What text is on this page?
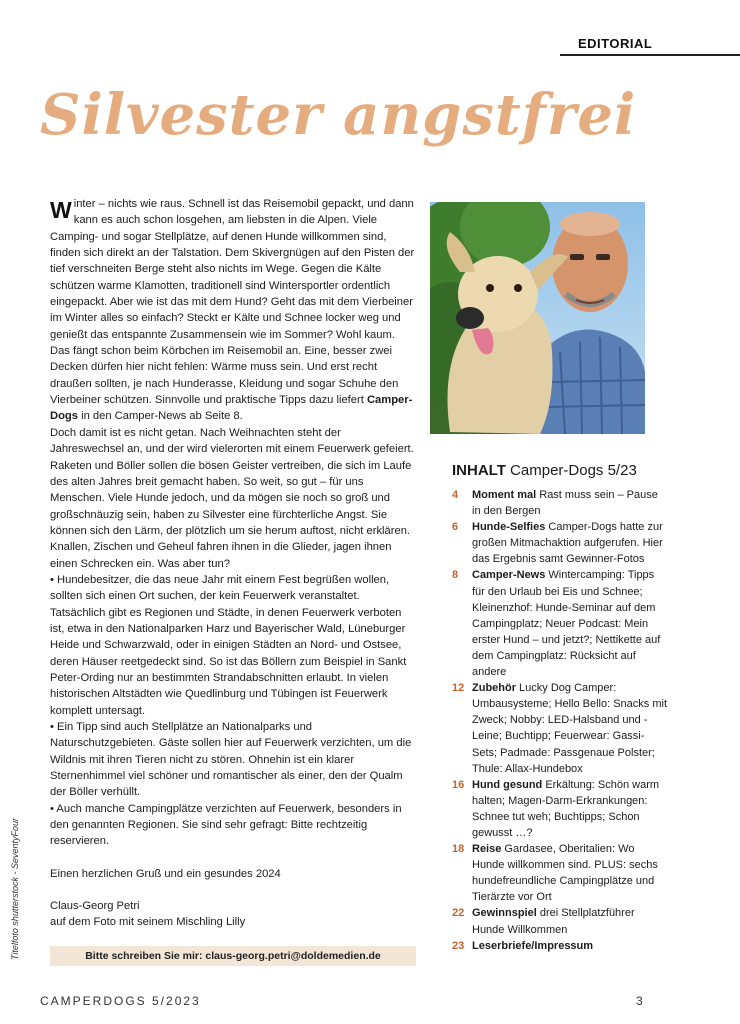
EDITORIAL
Silvester angstfrei

Winter – nichts wie raus. Schnell ist das Reisemobil gepackt, und dann kann es auch schon losgehen, am liebsten in die Alpen. Viele Camping- und sogar Stellplätze, auf denen Hunde willkommen sind, finden sich direkt an der Talstation. Dem Skivergnügen auf den Pisten der tief verschneiten Berge steht also nichts im Wege. Gegen die Kälte schützen warme Klamotten, traditionell sind Wintersportler ordentlich eingepackt. Aber wie ist das mit dem Hund? Geht das mit dem Vierbeiner im Winter alles so einfach? Steckt er Kälte und Schnee locker weg und genießt das entspannte Zusammensein wie im Sommer? Wohl kaum.

Das fängt schon beim Körbchen im Reisemobil an. Eine, besser zwei Decken dürfen hier nicht fehlen: Wärme muss sein. Und erst recht draußen sollten, je nach Hunderasse, Kleidung und sogar Schuhe den Vierbeiner schützen. Sinnvolle und praktische Tipps dazu liefert Camper-Dogs in den Camper-News ab Seite 8.

Doch damit ist es nicht getan. Nach Weihnachten steht der Jahreswechsel an, und der wird vielerorten mit einem Feuerwerk gefeiert. Raketen und Böller sollen die bösen Geister vertreiben, die sich im Laufe des alten Jahres breit gemacht haben. So weit, so gut – für uns Menschen. Viele Hunde jedoch, und da mögen sie noch so groß und großschnäuzig sein, haben zu Silvester eine fürchterliche Angst. Sie können sich den Lärm, der plötzlich um sie herum auftost, nicht erklären. Knallen, Zischen und Geheul fahren ihnen in die Glieder, jagen ihnen einen Schrecken ein. Was aber tun?

• Hundebesitzer, die das neue Jahr mit einem Fest begrüßen wollen, sollten sich einen Ort suchen, der kein Feuerwerk veranstaltet. Tatsächlich gibt es Regionen und Städte, in denen Feuerwerk verboten ist, etwa in den Nationalparken Harz und Bayerischer Wald, Lüneburger Heide und Schwarzwald, oder in einigen Städten an Nord- und Ostsee, deren Häuser reetgedeckt sind. So ist das Böllern zum Beispiel in Sankt Peter-Ording nur an bestimmten Strandabschnitten erlaubt. In vielen historischen Altstädten wie Quedlinburg und Tübingen ist Feuerwerk komplett untersagt.

• Ein Tipp sind auch Stellplätze an Nationalparks und Naturschutzgebieten. Gäste sollen hier auf Feuerwerk verzichten, um die Wildnis mit ihren Tieren nicht zu stören. Ohnehin ist ein klarer Sternenhimmel viel schöner und romantischer als einer, den der Qualm der Böller verhüllt.

• Auch manche Campingplätze verzichten auf Feuerwerk, besonders in den genannten Regionen. Sie sind sehr gefragt: Bitte rechtzeitig reservieren.

Einen herzlichen Gruß und ein gesundes 2024

Claus-Georg Petri

auf dem Foto mit seinem Mischling Lilly

INHALT Camper-Dogs 5/23
4	Moment mal Rast muss sein – Pause in den Bergen
6	Hunde-Selfies Camper-Dogs hatte zur großen Mitmachaktion aufgerufen. Hier das Ergebnis samt Gewinner-Fotos
8	Camper-News Wintercamping: Tipps für den Urlaub bei Eis und Schnee; Kleinenzhof: Hunde-Seminar auf dem Campingplatz; Neuer Podcast: Mein erster Hund – und jetzt?; Nettikette auf dem Campingplatz: Rücksicht auf andere
12 Zubehör Lucky Dog Camper: Umbausysteme; Hello Bello: Snacks mit Zweck; Nobby: LED-Halsband und -Leine; Buchtipp; Feuerwear: Gassi-Sets; Padmade: Passgenaue Polster; Thule: Allax-Hundebox
16 Hund gesund Erkältung: Schön warm halten; Magen-Darm-Erkrankungen: Schnee tut weh; Buchtipps; Schon gewusst …?
18 Reise Gardasee, Oberitalien: Wo Hunde willkommen sind. PLUS: sechs hundefreundliche Campingplätze und Tierärzte vor Ort
22 Gewinnspiel drei Stellplatzführer Hunde Willkommen
23 Leserbriefe/Impressum
Titelfoto shutterstock - SeventyFour	Bitte schreiben Sie mir: claus-georg.petri@doldemedien.de
CAMPERDOGS 5/2023	3
